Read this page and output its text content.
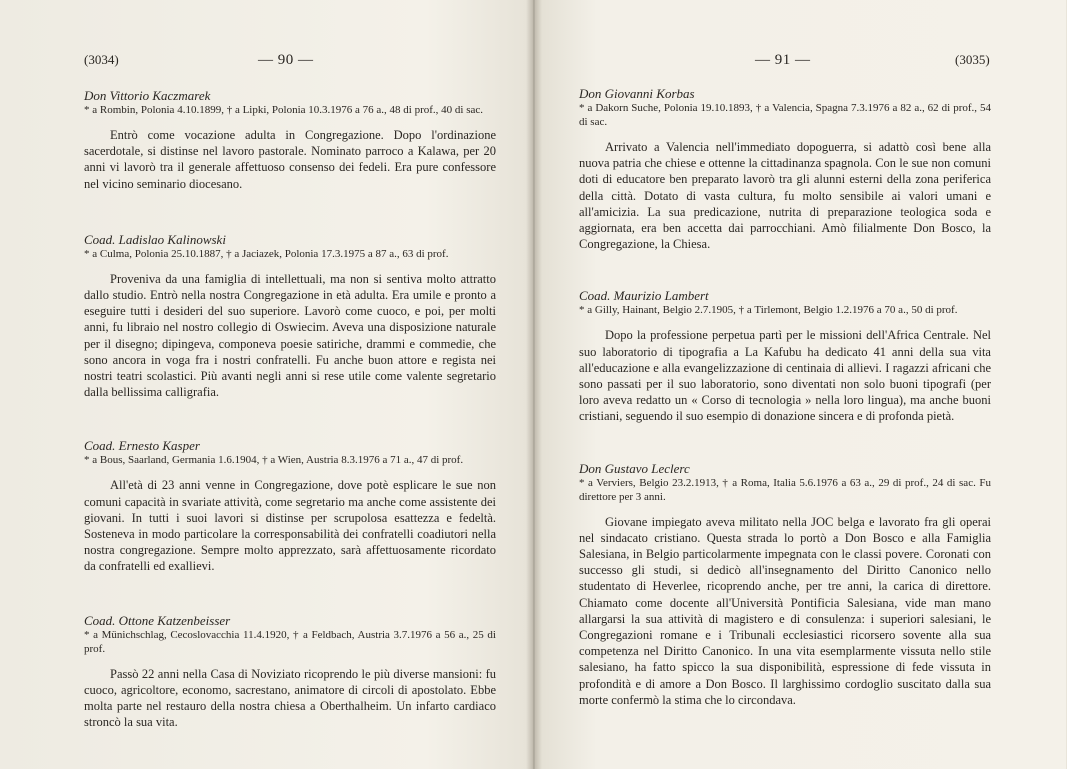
(3034)	— 90 —

Don Vittorio Kaczmarek

* a Rombin, Polonia 4.10.1899, † a Lipki, Polonia 10.3.1976 a 76 a., 48 di prof., 40 di sac.

Entrò come vocazione adulta in Congregazione. Dopo l'ordinazione sacerdotale, si distinse nel lavoro pastorale. Nominato parroco a Kalawa, per 20 anni vi lavorò tra il generale affettuoso consenso dei fedeli. Era pure confessore nel vicino seminario diocesano.

Coad. Ladislao Kalinowski

* a Culma, Polonia 25.10.1887, † a Jaciazek, Polonia 17.3.1975 a 87 a., 63 di prof.

Proveniva da una famiglia di intellettuali, ma non si sentiva molto attratto dallo studio. Entrò nella nostra Congregazione in età adulta. Era umile e pronto a eseguire tutti i desideri del suo superiore. Lavorò come cuoco, e poi, per molti anni, fu libraio nel nostro collegio di Oswiecim. Aveva una disposizione naturale per il disegno; dipingeva, componeva poesie satiriche, drammi e commedie, che sono ancora in voga fra i nostri confratelli. Fu anche buon attore e regista nei nostri teatri scolastici. Più avanti negli anni si rese utile come valente segretario dalla bellissima calligrafia.

Coad. Ernesto Kasper

* a Bous, Saarland, Germania 1.6.1904, † a Wien, Austria 8.3.1976 a 71 a., 47 di prof.

All'età di 23 anni venne in Congregazione, dove potè esplicare le sue non comuni capacità in svariate attività, come segretario ma anche come assistente dei giovani. In tutti i suoi lavori si distinse per scrupolosa esattezza e fedeltà. Sosteneva in modo particolare la corresponsabilità dei confratelli coadiutori nella nostra congregazione. Sempre molto apprezzato, sarà affettuosamente ricordato da confratelli ed exallievi.

Coad. Ottone Katzenbeisser

* a Münichschlag, Cecoslovacchia 11.4.1920, † a Feldbach, Austria 3.7.1976 a 56 a., 25 di prof.

Passò 22 anni nella Casa di Noviziato ricoprendo le più diverse mansioni: fu cuoco, agricoltore, economo, sacrestano, animatore di circoli di apostolato. Ebbe molta parte nel restauro della nostra chiesa a Oberthalheim. Un infarto cardiaco stroncò la sua vita.

— 91 —	(3035)

Don Giovanni Korbas

* a Dakorn Suche, Polonia 19.10.1893, † a Valencia, Spagna 7.3.1976 a 82 a., 62 di prof., 54 di sac.

Arrivato a Valencia nell'immediato dopoguerra, si adattò così bene alla nuova patria che chiese e ottenne la cittadinanza spagnola. Con le sue non comuni doti di educatore ben preparato lavorò tra gli alunni esterni della zona periferica della città. Dotato di vasta cultura, fu molto sensibile ai valori umani e all'amicizia. La sua predicazione, nutrita di preparazione teologica soda e aggiornata, era ben accetta dai parrocchiani. Amò filialmente Don Bosco, la Congregazione, la Chiesa.

Coad. Maurizio Lambert

* a Gilly, Hainant, Belgio 2.7.1905, † a Tirlemont, Belgio 1.2.1976 a 70 a., 50 di prof.

Dopo la professione perpetua partì per le missioni dell'Africa Centrale. Nel suo laboratorio di tipografia a La Kafubu ha dedicato 41 anni della sua vita all'educazione e alla evangelizzazione di centinaia di allievi. I ragazzi africani che sono passati per il suo laboratorio, sono diventati non solo buoni tipografi (per loro aveva redatto un « Corso di tecnologia » nella loro lingua), ma anche buoni cristiani, seguendo il suo esempio di donazione sincera e di profonda pietà.

Don Gustavo Leclerc

* a Verviers, Belgio 23.2.1913, † a Roma, Italia 5.6.1976 a 63 a., 29 di prof., 24 di sac. Fu direttore per 3 anni.

Giovane impiegato aveva militato nella JOC belga e lavorato fra gli operai nel sindacato cristiano. Questa strada lo portò a Don Bosco e alla Famiglia Salesiana, in Belgio particolarmente impegnata con le classi povere. Coronati con successo gli studi, si dedicò all'insegnamento del Diritto Canonico nello studentato di Heverlee, ricoprendo anche, per tre anni, la carica di direttore. Chiamato come docente all'Università Pontificia Salesiana, vide man mano allargarsi la sua attività di magistero e di consulenza: i superiori salesiani, le Congregazioni romane e i Tribunali ecclesiastici ricorsero sovente alla sua competenza nel Diritto Canonico. In una vita esemplarmente vissuta nello stile salesiano, ha fatto spicco la sua disponibilità, espressione di fede vissuta in profondità e di amore a Don Bosco. Il larghissimo cordoglio suscitato dalla sua morte confermò la stima che lo circondava.
